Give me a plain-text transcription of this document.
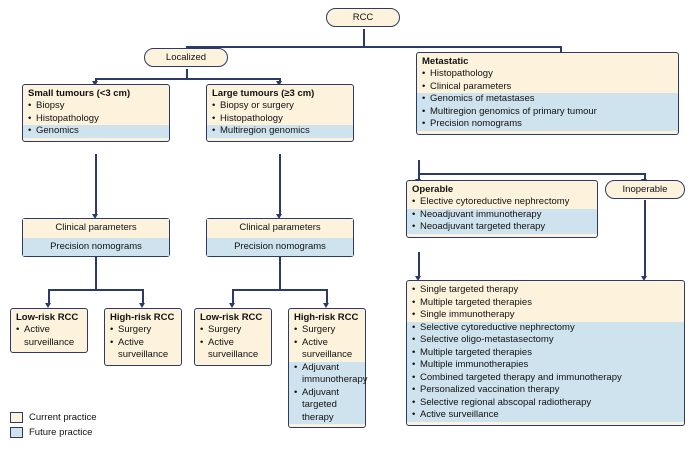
RCC
Localized	Metastatic
• Histopathology
• Clinical parameters
• Genomics of metastases
• Multiregion genomics of primary tumour
• Precision nomograms
Small tumours (<3 cm)
• Biopsy
• Histopathology
• Genomics
Large tumours (≥3 cm)
• Biopsy or surgery
• Histopathology
• Multiregion genomics
Operable
• Elective cytoreductive nephrectomy
• Neoadjuvant immunotherapy
• Neoadjuvant targeted therapy
Inoperable
Clinical parameters
Precision nomograms
Clinical parameters
Precision nomograms
Low-risk RCC
• Active surveillance
High-risk RCC
• Surgery
• Active surveillance
Low-risk RCC
• Surgery
• Active surveillance
High-risk RCC
• Surgery
• Active surveillance
• Adjuvant immunotherapy
• Adjuvant targeted therapy
• Single targeted therapy
• Multiple targeted therapies
• Single immunotherapy
• Selective cytoreductive nephrectomy
• Selective oligo-metastasectomy
• Multiple targeted therapies
• Multiple immunotherapies
• Combined targeted therapy and immunotherapy
• Personalized vaccination therapy
• Selective regional abscopal radiotherapy
• Active surveillance
Current practice
Future practice
